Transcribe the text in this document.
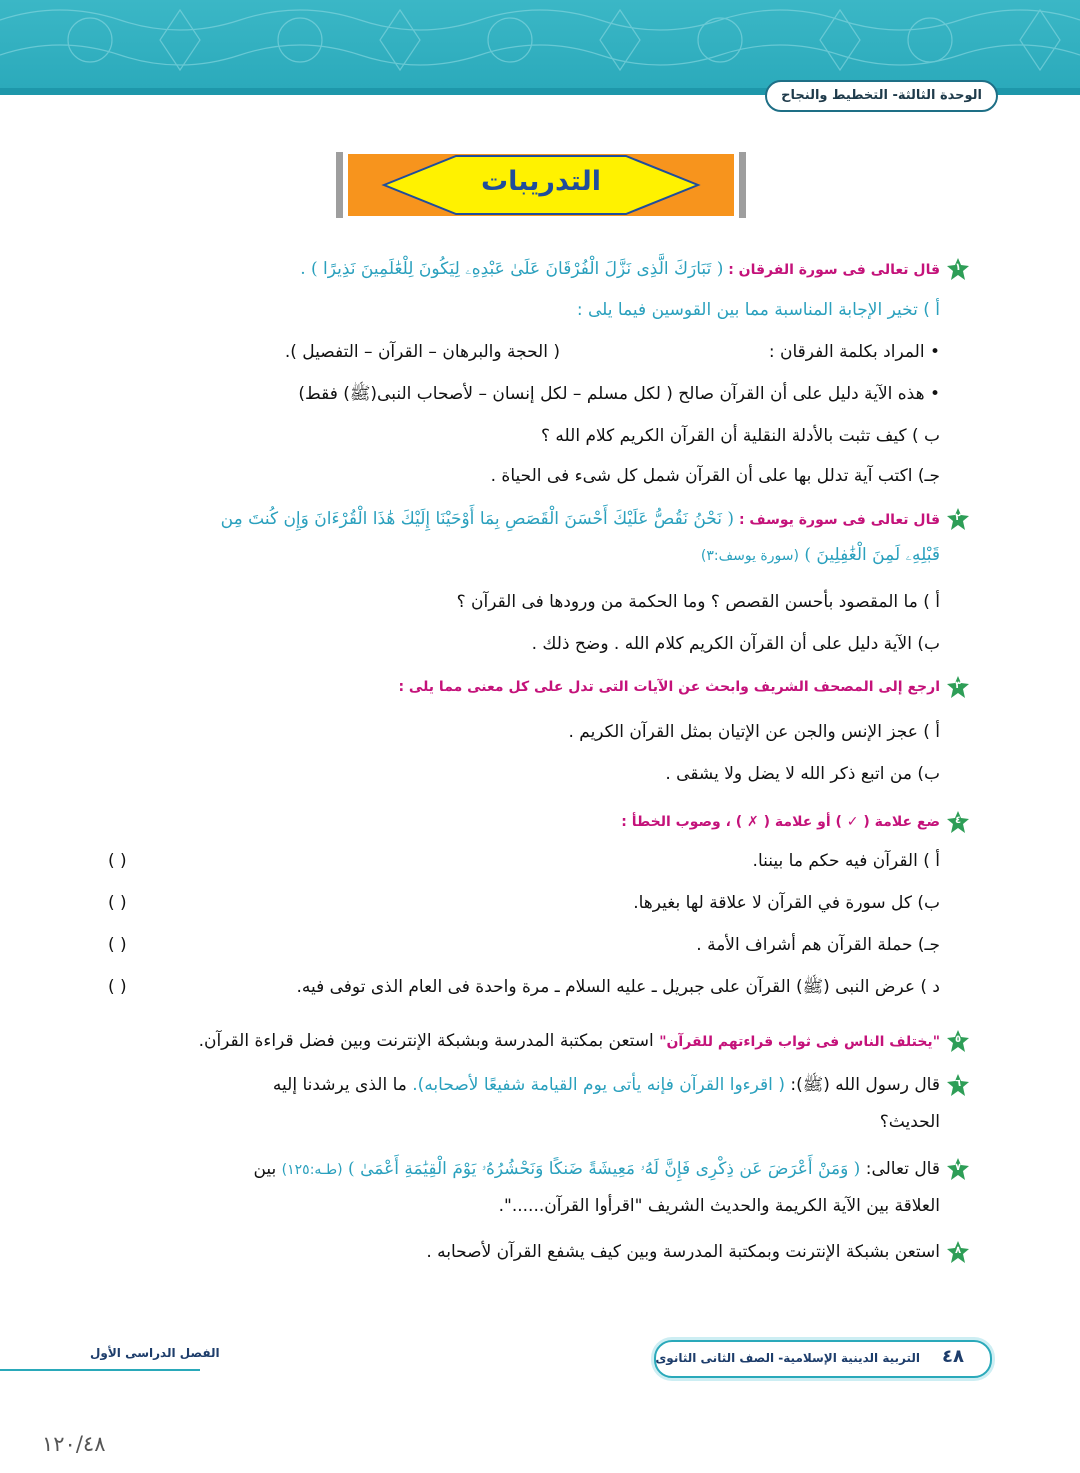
الوحدة الثالثة- التخطيط والنجاح
التدريبات
١
قال تعالى فى سورة الفرقان : ( تَبَارَكَ الَّذِى نَزَّلَ الْفُرْقَانَ عَلَىٰ عَبْدِهِۦ لِيَكُونَ لِلْعَٰلَمِينَ نَذِيرًا ) .
أ ) تخير الإجابة المناسبة مما بين القوسين فيما يلى :
• المراد بكلمة الفرقان :
( الحجة والبرهان – القرآن – التفصيل ).
• هذه الآية دليل على أن القرآن صالح ( لكل مسلم – لكل إنسان – لأصحاب النبى(ﷺ) فقط)
ب ) كيف تثبت بالأدلة النقلية أن القرآن الكريم كلام الله ؟
جـ) اكتب آية تدلل بها على أن القرآن شمل كل شىء فى الحياة .
٢
قال تعالى فى سورة يوسف : ( نَحْنُ نَقُصُّ عَلَيْكَ أَحْسَنَ الْقَصَصِ بِمَا أَوْحَيْنَا إِلَيْكَ هَٰذَا الْقُرْءَانَ وَإِن كُنتَ مِن
قَبْلِهِۦ لَمِنَ الْغَٰفِلِينَ ) (سورة يوسف:٣)
أ ) ما المقصود بأحسن القصص ؟ وما الحكمة من ورودها فى القرآن ؟
ب) الآية دليل على أن القرآن الكريم كلام الله . وضح ذلك .
٣
ارجع إلى المصحف الشريف وابحث عن الآيات التى تدل على كل معنى مما يلى :
أ ) عجز الإنس والجن عن الإتيان بمثل القرآن الكريم .
ب) من اتبع ذكر الله لا يضل ولا يشقى .
٤
ضع علامة ( ✓ ) أو علامة ( ✗ ) ، وصوب الخطأ :
أ ) القرآن فيه حكم ما بيننا.
( )
ب) كل سورة في القرآن لا علاقة لها بغيرها.
( )
جـ) حملة القرآن هم أشراف الأمة .
( )
د ) عرض النبى (ﷺ) القرآن على جبريل ـ عليه السلام ـ مرة واحدة فى العام الذى توفى فيه.
( )
٥
"يختلف الناس فى ثواب قراءتهم للقرآن" استعن بمكتبة المدرسة وبشبكة الإنترنت وبين فضل قراءة القرآن.
٦
قال رسول الله (ﷺ): ( اقرءوا القرآن فإنه يأتى يوم القيامة شفيعًا لأصحابه). ما الذى يرشدنا إليه
الحديث؟
٧
قال تعالى: ( وَمَنْ أَعْرَضَ عَن ذِكْرِى فَإِنَّ لَهُۥ مَعِيشَةً ضَنكًا وَنَحْشُرُهُۥ يَوْمَ الْقِيَٰمَةِ أَعْمَىٰ ) (طـه:١٢٥) بين
العلاقة بين الآية الكريمة والحديث الشريف "اقرأوا القرآن......".
٨
استعن بشبكة الإنترنت وبمكتبة المدرسة وبين كيف يشفع القرآن لأصحابه .
٤٨
التربية الدينية الإسلامية- الصف الثانى الثانوى
الفصل الدراسى الأول
١٢٠/٤٨
